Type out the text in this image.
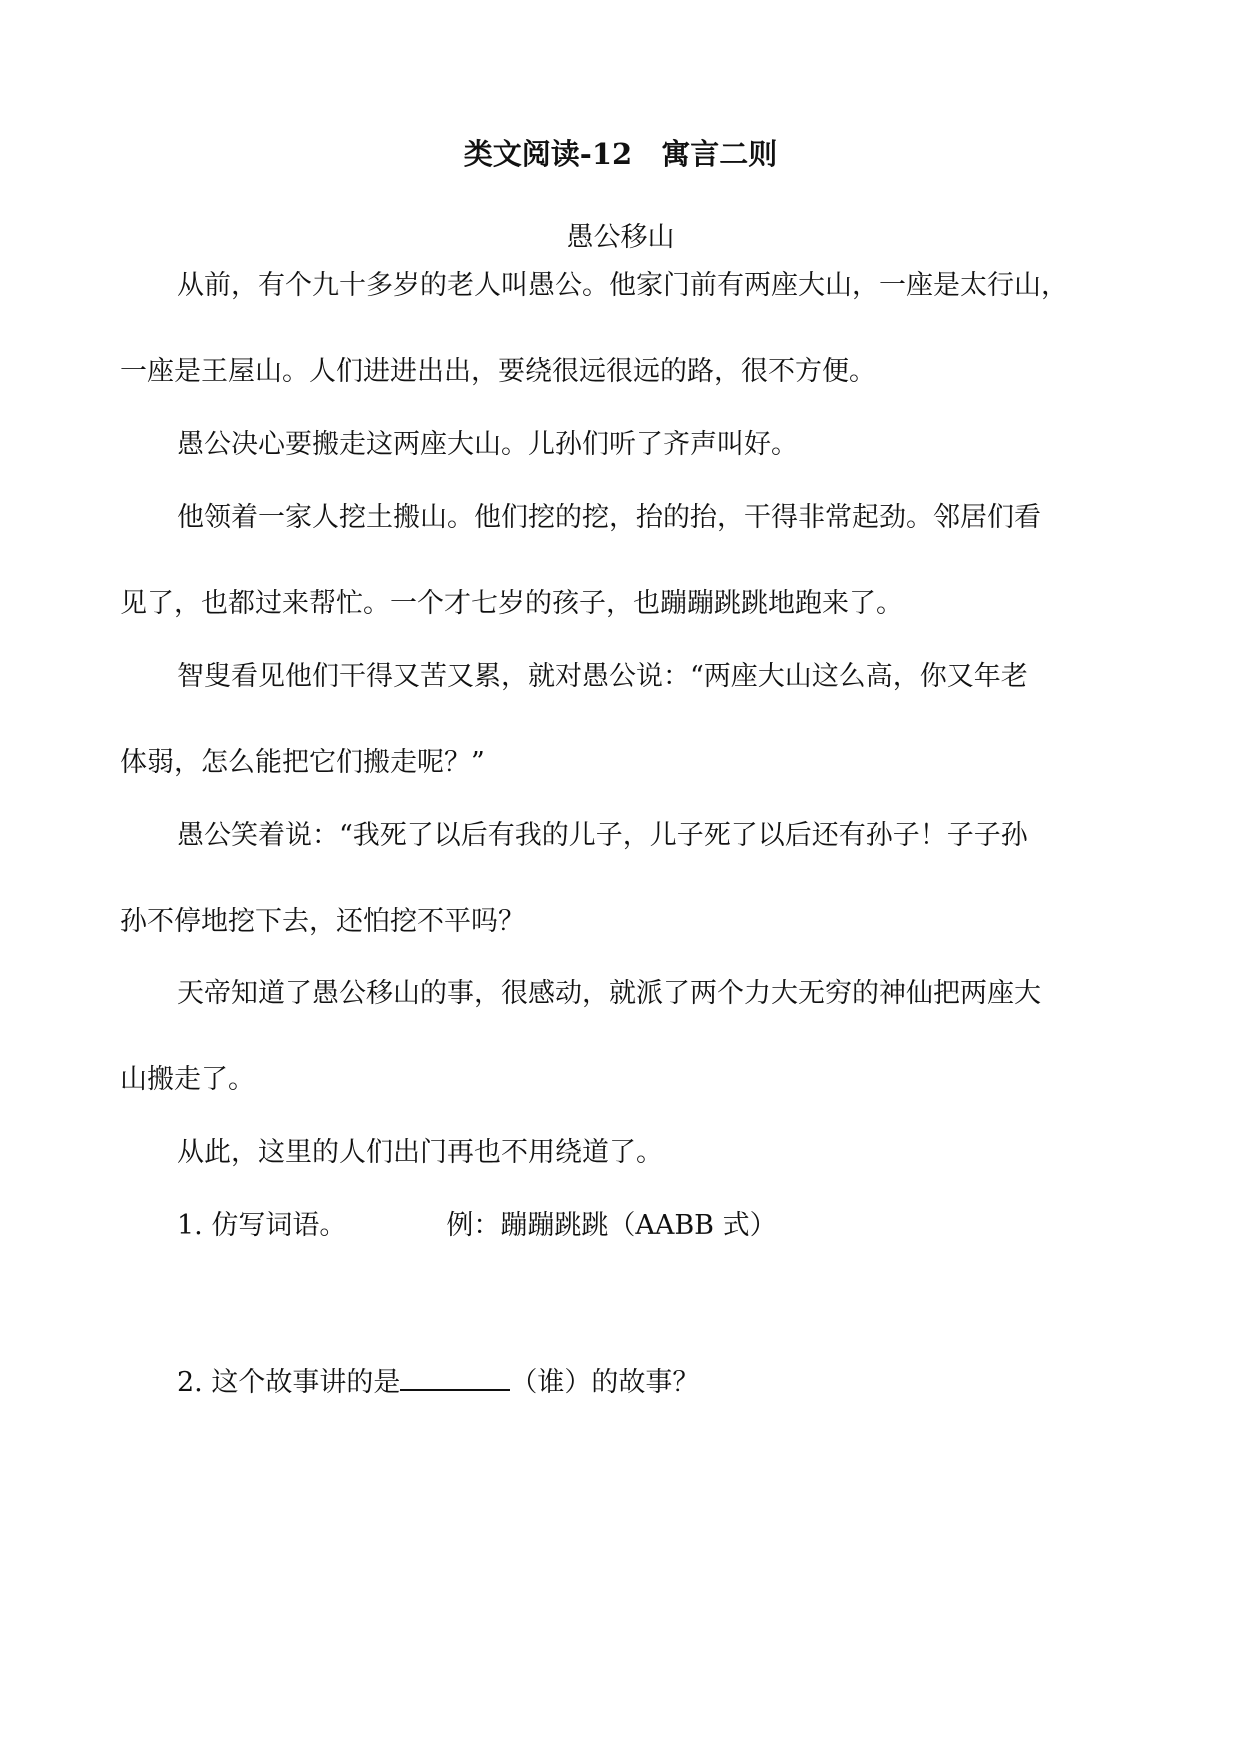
类文阅读-12　寓言二则
愚公移山
从前，有个九十多岁的老人叫愚公。他家门前有两座大山，一座是太行山，
一座是王屋山。人们进进出出，要绕很远很远的路，很不方便。
愚公决心要搬走这两座大山。儿孙们听了齐声叫好。
他领着一家人挖土搬山。他们挖的挖，抬的抬，干得非常起劲。邻居们看
见了，也都过来帮忙。一个才七岁的孩子，也蹦蹦跳跳地跑来了。
智叟看见他们干得又苦又累，就对愚公说：“两座大山这么高，你又年老
体弱，怎么能把它们搬走呢？”
愚公笑着说：“我死了以后有我的儿子，儿子死了以后还有孙子！子子孙
孙不停地挖下去，还怕挖不平吗？
天帝知道了愚公移山的事，很感动，就派了两个力大无穷的神仙把两座大
山搬走了。
从此，这里的人们出门再也不用绕道了。
1. 仿写词语。	例：蹦蹦跳跳（AABB 式）
2. 这个故事讲的是	（谁）的故事？
